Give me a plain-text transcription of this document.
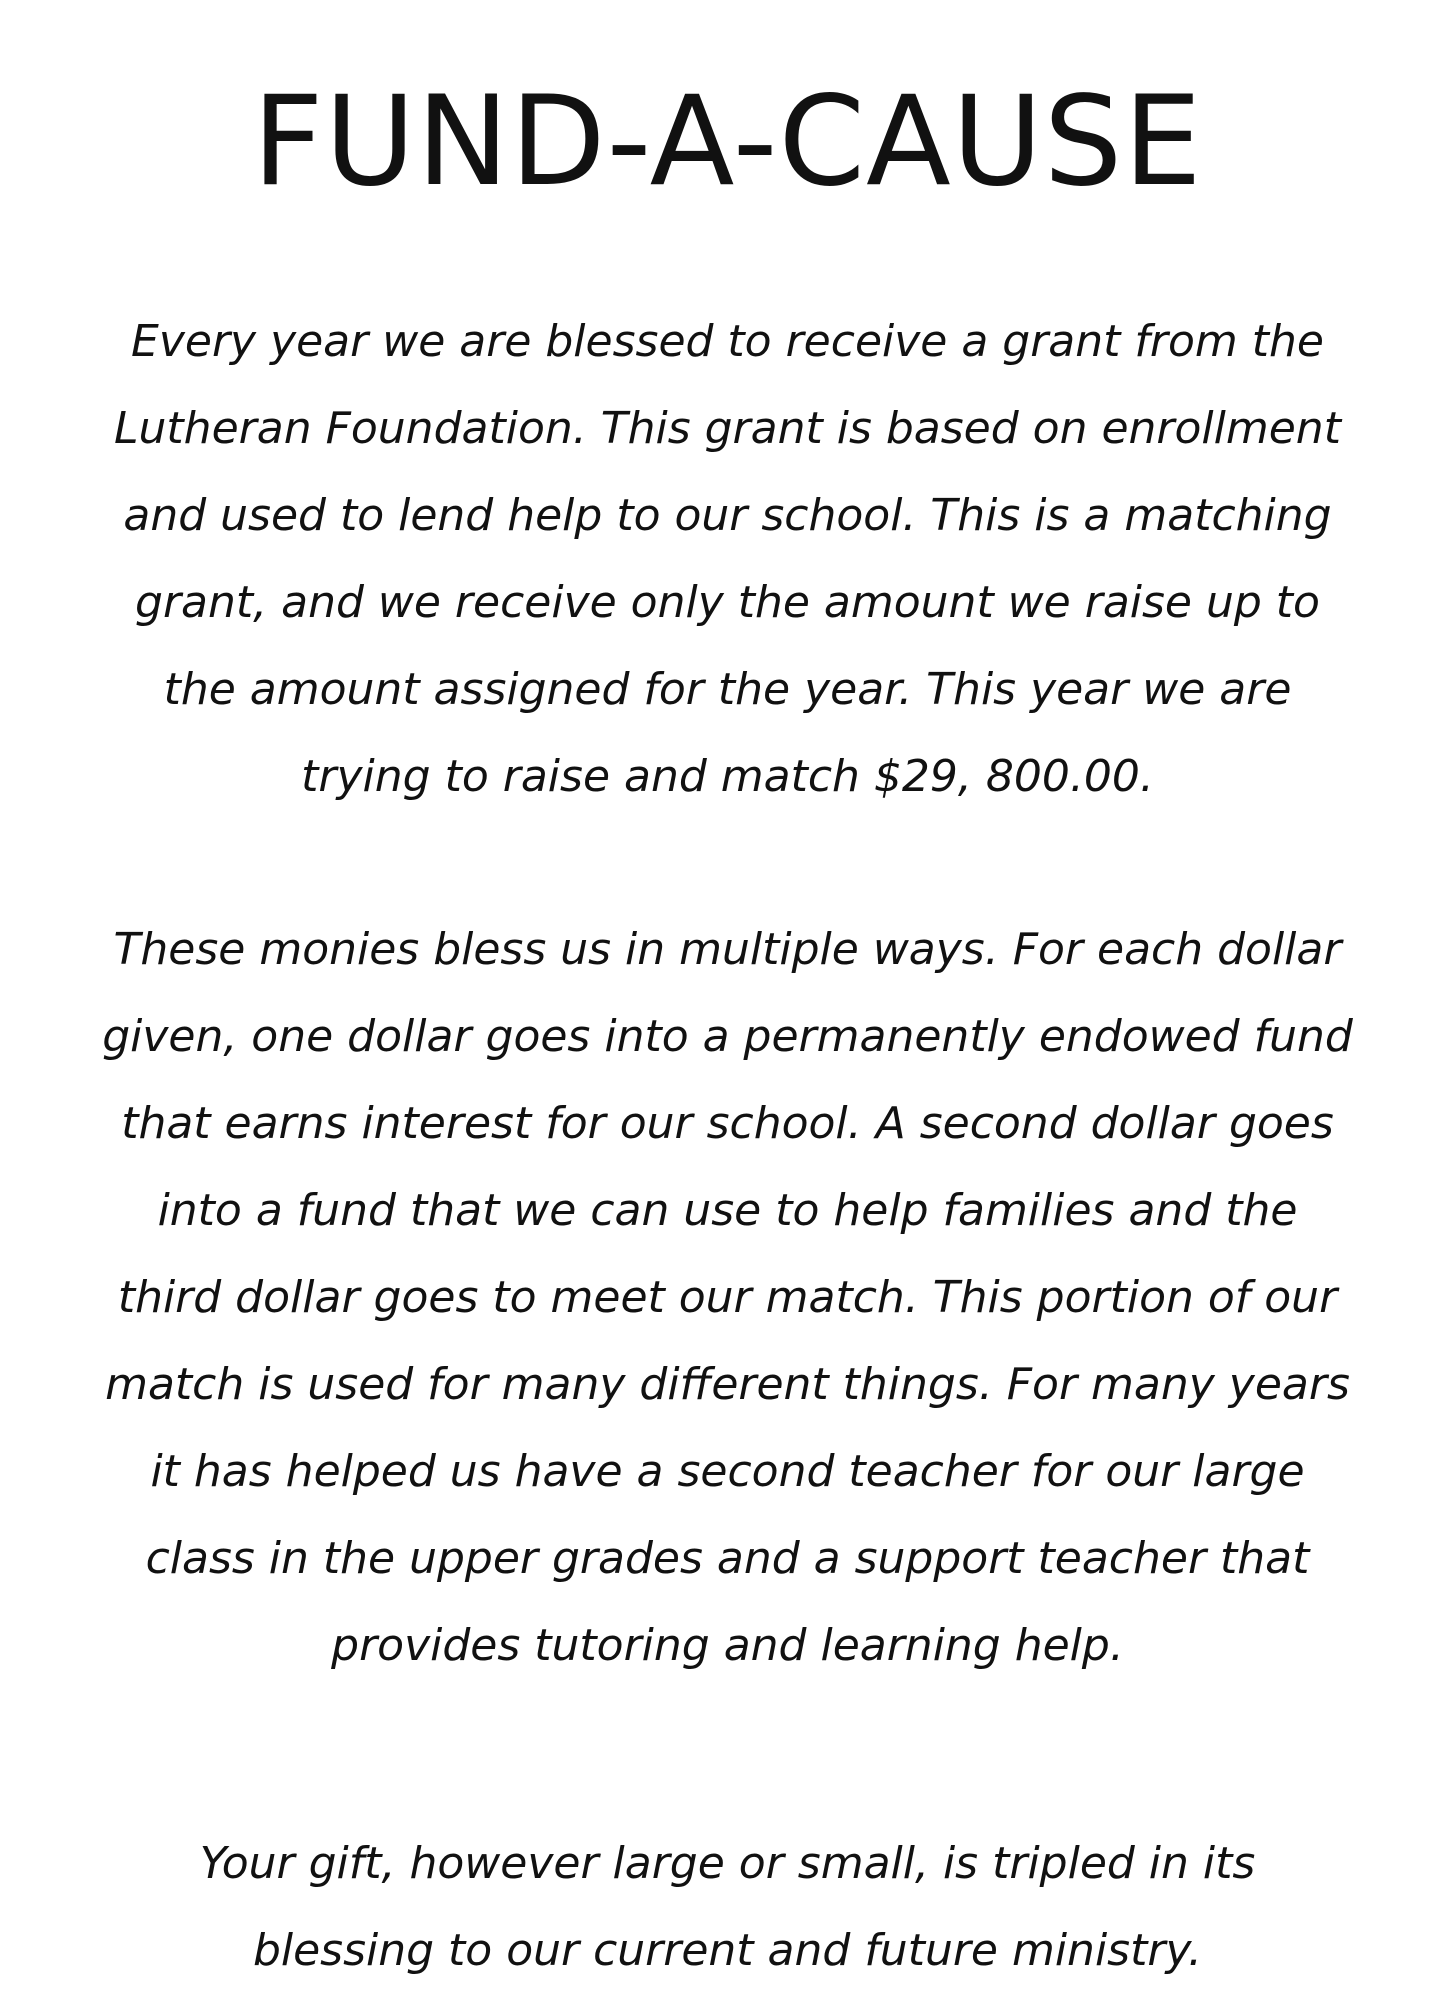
FUND-A-CAUSE

Every year we are blessed to receive a grant from the
Lutheran Foundation. This grant is based on enrollment
and used to lend help to our school. This is a matching
grant, and we receive only the amount we raise up to
the amount assigned for the year. This year we are
trying to raise and match $29, 800.00.

These monies bless us in multiple ways. For each dollar
given, one dollar goes into a permanently endowed fund
that earns interest for our school. A second dollar goes
into a fund that we can use to help families and the
third dollar goes to meet our match. This portion of our
match is used for many different things. For many years
it has helped us have a second teacher for our large
class in the upper grades and a support teacher that
provides tutoring and learning help.

Your gift, however large or small, is tripled in its
blessing to our current and future ministry.
